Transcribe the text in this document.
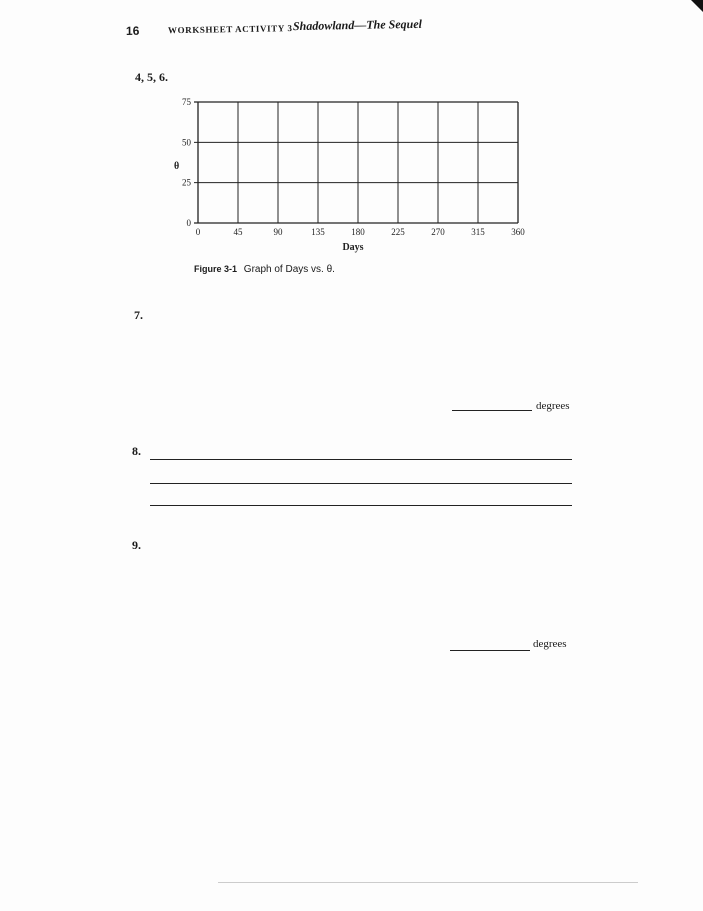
16	WORKSHEET ACTIVITY 3 Shadowland—The Sequel
4, 5, 6.
0
25
50
75
0	45	90	135	180	225	270	315	360
θ
Days
Figure 3-1 Graph of Days vs. θ.
7.
degrees
8.
9.
degrees
